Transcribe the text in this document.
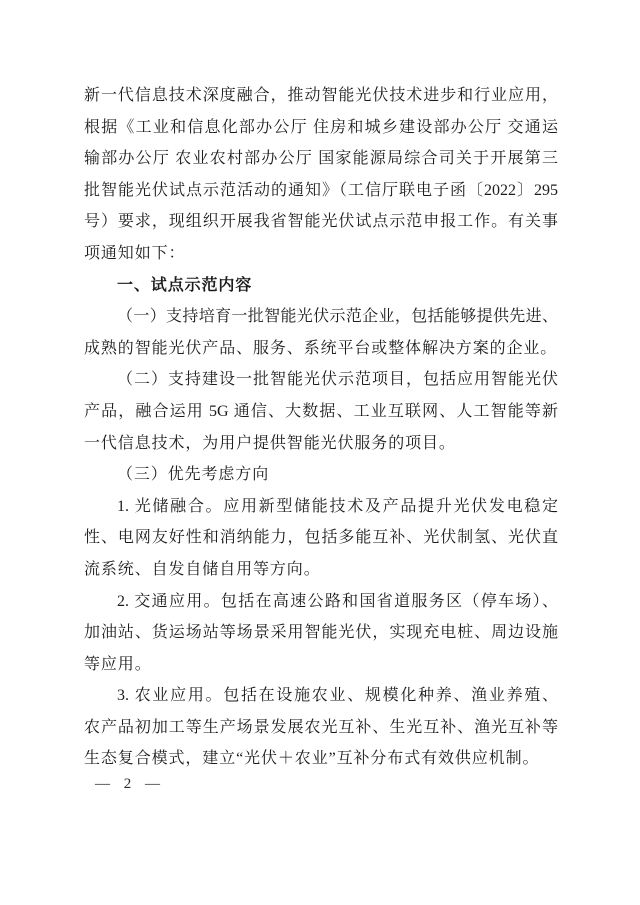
新一代信息技术深度融合，推动智能光伏技术进步和行业应用，
根据《工业和信息化部办公厅 住房和城乡建设部办公厅 交通运
输部办公厅 农业农村部办公厅 国家能源局综合司关于开展第三
批智能光伏试点示范活动的通知》（工信厅联电子函〔2022〕295
号）要求，现组织开展我省智能光伏试点示范申报工作。有关事
项通知如下：
一、试点示范内容
（一）支持培育一批智能光伏示范企业，包括能够提供先进、
成熟的智能光伏产品、服务、系统平台或整体解决方案的企业。
（二）支持建设一批智能光伏示范项目，包括应用智能光伏
产品，融合运用 5G 通信、大数据、工业互联网、人工智能等新
一代信息技术，为用户提供智能光伏服务的项目。
（三）优先考虑方向
1. 光储融合。应用新型储能技术及产品提升光伏发电稳定
性、电网友好性和消纳能力，包括多能互补、光伏制氢、光伏直
流系统、自发自储自用等方向。
2. 交通应用。包括在高速公路和国省道服务区（停车场）、
加油站、货运场站等场景采用智能光伏，实现充电桩、周边设施
等应用。
3. 农业应用。包括在设施农业、规模化种养、渔业养殖、
农产品初加工等生产场景发展农光互补、生光互补、渔光互补等
生态复合模式，建立“光伏＋农业”互补分布式有效供应机制。
— 2 —
